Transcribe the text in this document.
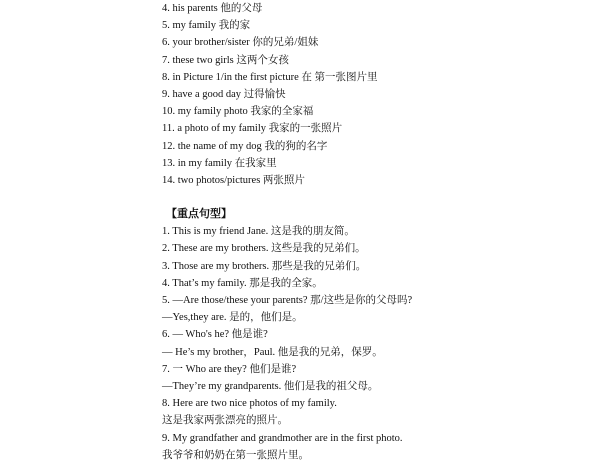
4. his parents 他的父母
5. my family 我的家
6. your brother/sister 你的兄弟/姐妹
7. these two girls 这两个女孩
8. in Picture 1/in the first picture 在 第一张图片里
9. have a good day 过得愉快
10. my family photo 我家的全家福
11. a photo of my family 我家的一张照片
12. the name of my dog 我的狗的名字
13. in my family 在我家里
14. two photos/pictures 两张照片
【重点句型】
1. This is my friend Jane. 这是我的朋友简。
2. These are my brothers. 这些是我的兄弟们。
3. Those are my brothers. 那些是我的兄弟们。
4. That’s my family. 那是我的全家。
5. —Are those/these your parents? 那/这些是你的父母吗?
—Yes,they are. 是的，他们是。
6. — Who's he? 他是谁?
— He’s my brother，Paul. 他是我的兄弟，保罗。
7. 一 Who are they? 他们是谁?
—They’re my grandparents. 他们是我的祖父母。
8. Here are two nice photos of my family.
这是我家两张漂亮的照片。
9. My grandfather and grandmother are in the first photo.
我爷爷和奶奶在第一张照片里。
